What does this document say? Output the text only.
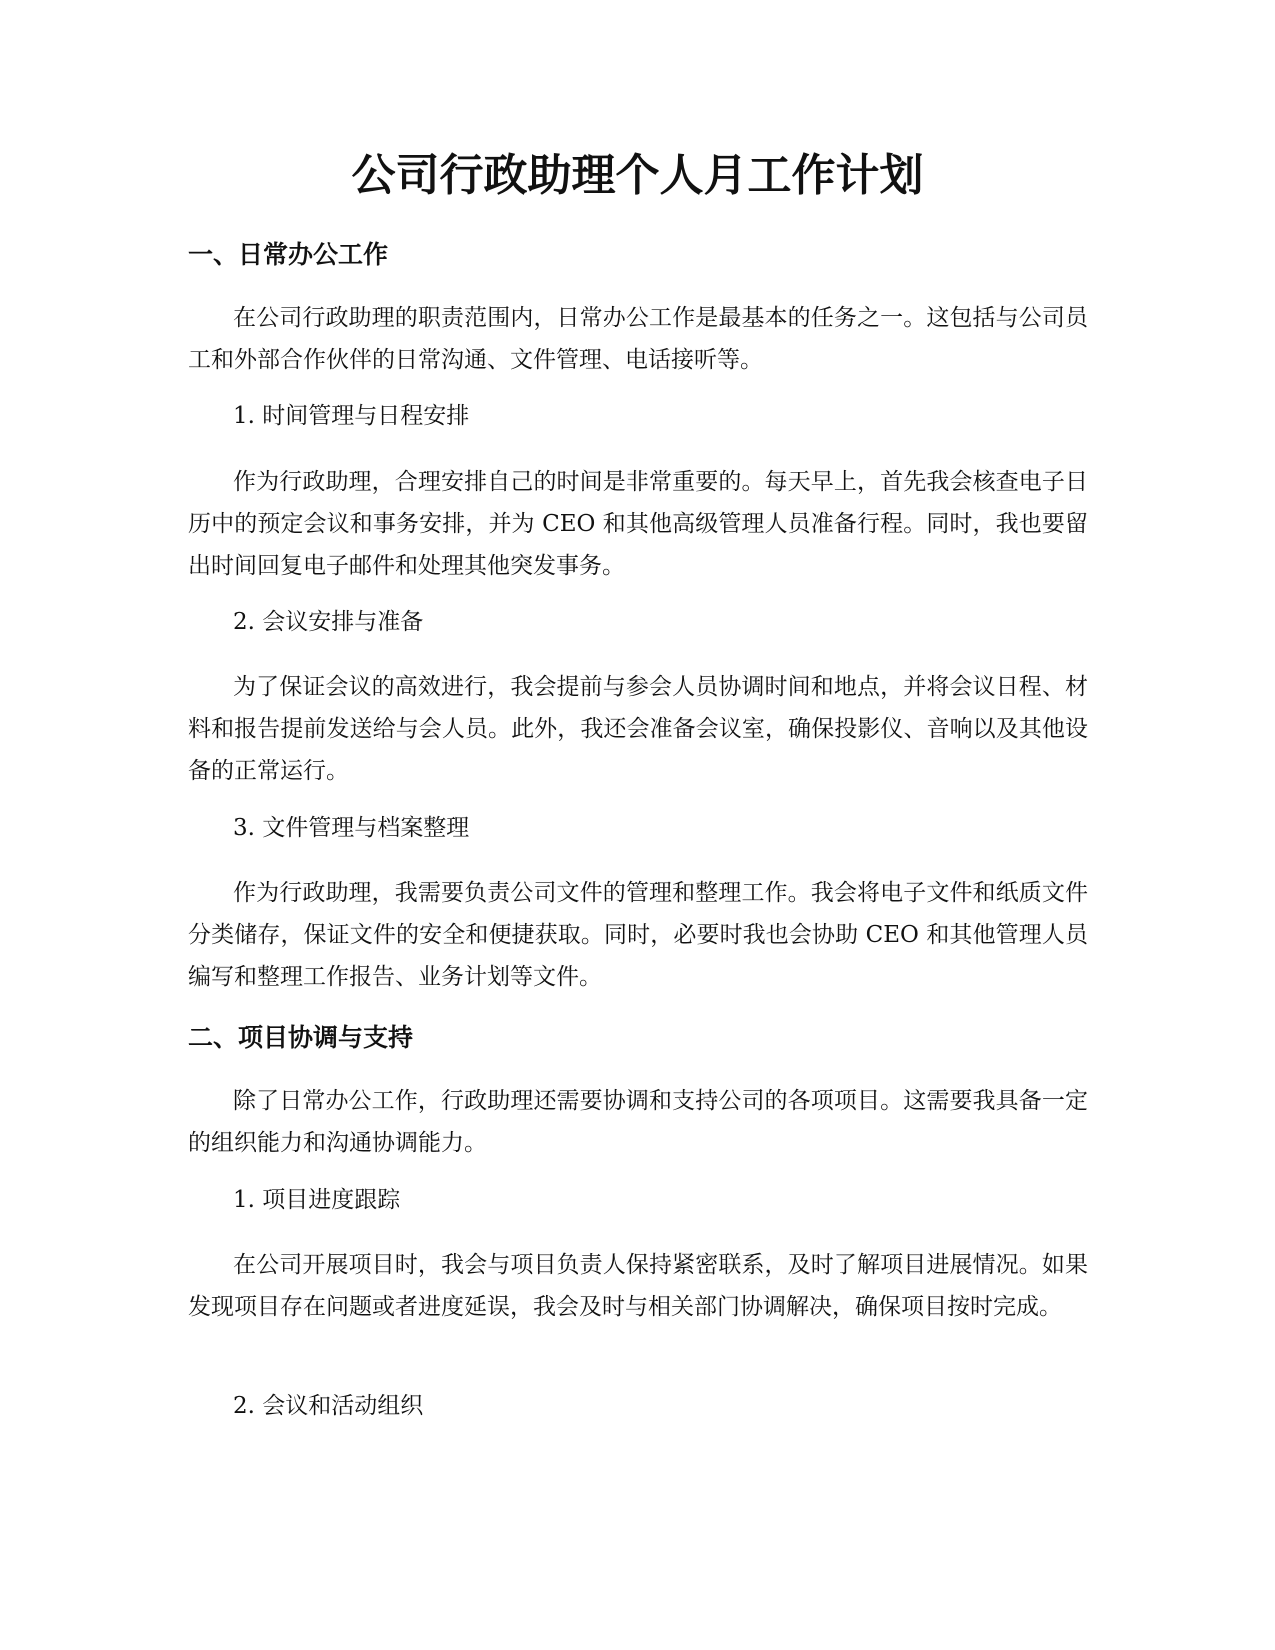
公司行政助理个人月工作计划
一、日常办公工作

在公司行政助理的职责范围内，日常办公工作是最基本的任务之一。这包括与公司员工和外部合作伙伴的日常沟通、文件管理、电话接听等。

1. 时间管理与日程安排

作为行政助理，合理安排自己的时间是非常重要的。每天早上，首先我会核查电子日历中的预定会议和事务安排，并为 CEO 和其他高级管理人员准备行程。同时，我也要留出时间回复电子邮件和处理其他突发事务。

2. 会议安排与准备

为了保证会议的高效进行，我会提前与参会人员协调时间和地点，并将会议日程、材料和报告提前发送给与会人员。此外，我还会准备会议室，确保投影仪、音响以及其他设备的正常运行。

3. 文件管理与档案整理

作为行政助理，我需要负责公司文件的管理和整理工作。我会将电子文件和纸质文件分类储存，保证文件的安全和便捷获取。同时，必要时我也会协助 CEO 和其他管理人员编写和整理工作报告、业务计划等文件。

二、项目协调与支持

除了日常办公工作，行政助理还需要协调和支持公司的各项项目。这需要我具备一定的组织能力和沟通协调能力。

1. 项目进度跟踪

在公司开展项目时，我会与项目负责人保持紧密联系，及时了解项目进展情况。如果发现项目存在问题或者进度延误，我会及时与相关部门协调解决，确保项目按时完成。

2. 会议和活动组织
